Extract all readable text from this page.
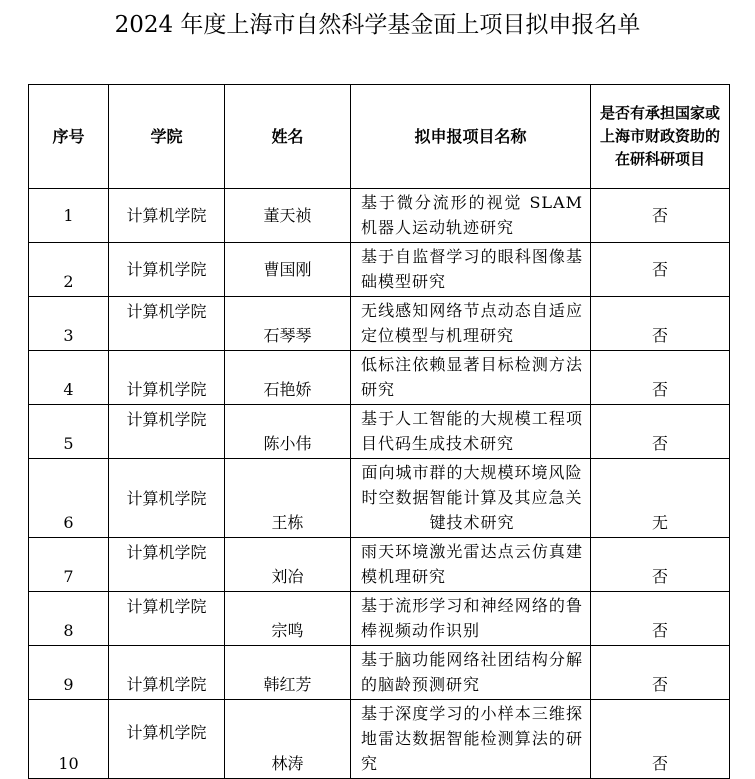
2024 年度上海市自然科学基金面上项目拟申报名单
序号	学院	姓名	拟申报项目名称	是否有承担国家或上海市财政资助的在研科研项目
1	计算机学院	董天祯	基于微分流形的视觉 SLAM 机器人运动轨迹研究	否
2	计算机学院	曹国刚	基于自监督学习的眼科图像基础模型研究	否
3	计算机学院	石琴琴	无线感知网络节点动态自适应定位模型与机理研究	否
4	计算机学院	石艳娇	低标注依赖显著目标检测方法研究	否
5	计算机学院	陈小伟	基于人工智能的大规模工程项目代码生成技术研究	否
6	计算机学院	王栋	面向城市群的大规模环境风险时空数据智能计算及其应急关键技术研究	无
7	计算机学院	刘冶	雨天环境激光雷达点云仿真建模机理研究	否
8	计算机学院	宗鸣	基于流形学习和神经网络的鲁棒视频动作识别	否
9	计算机学院	韩红芳	基于脑功能网络社团结构分解的脑龄预测研究	否
10	计算机学院	林涛	基于深度学习的小样本三维探地雷达数据智能检测算法的研究	否
